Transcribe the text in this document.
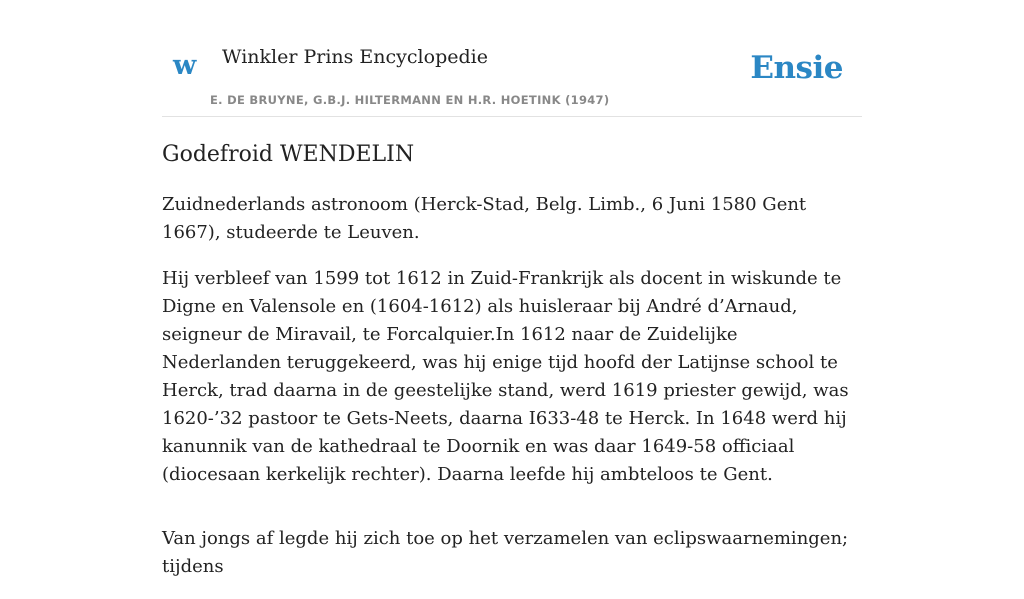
w Winkler Prins Encyclopedie
E. DE BRUYNE, G.B.J. HILTERMANN EN H.R. HOETINK (1947)
Ensie
Godefroid WENDELIN

Zuidnederlands astronoom (Herck-Stad, Belg. Limb., 6 Juni 1580 Gent 1667), studeerde te Leuven.

Hij verbleef van 1599 tot 1612 in Zuid-Frankrijk als docent in wiskunde te Digne en Valensole en (1604-1612) als huisleraar bij André d’Arnaud, seigneur de Miravail, te Forcalquier.In 1612 naar de Zuidelijke Nederlanden teruggekeerd, was hij enige tijd hoofd der Latijnse school te Herck, trad daarna in de geestelijke stand, werd 1619 priester gewijd, was 1620-’32 pastoor te Gets-Neets, daarna I633-48 te Herck. In 1648 werd hij kanunnik van de kathedraal te Doornik en was daar 1649-58 officiaal (diocesaan kerkelijk rechter). Daarna leefde hij ambteloos te Gent.

Van jongs af legde hij zich toe op het verzamelen van eclipswaarnemingen; tijdens
